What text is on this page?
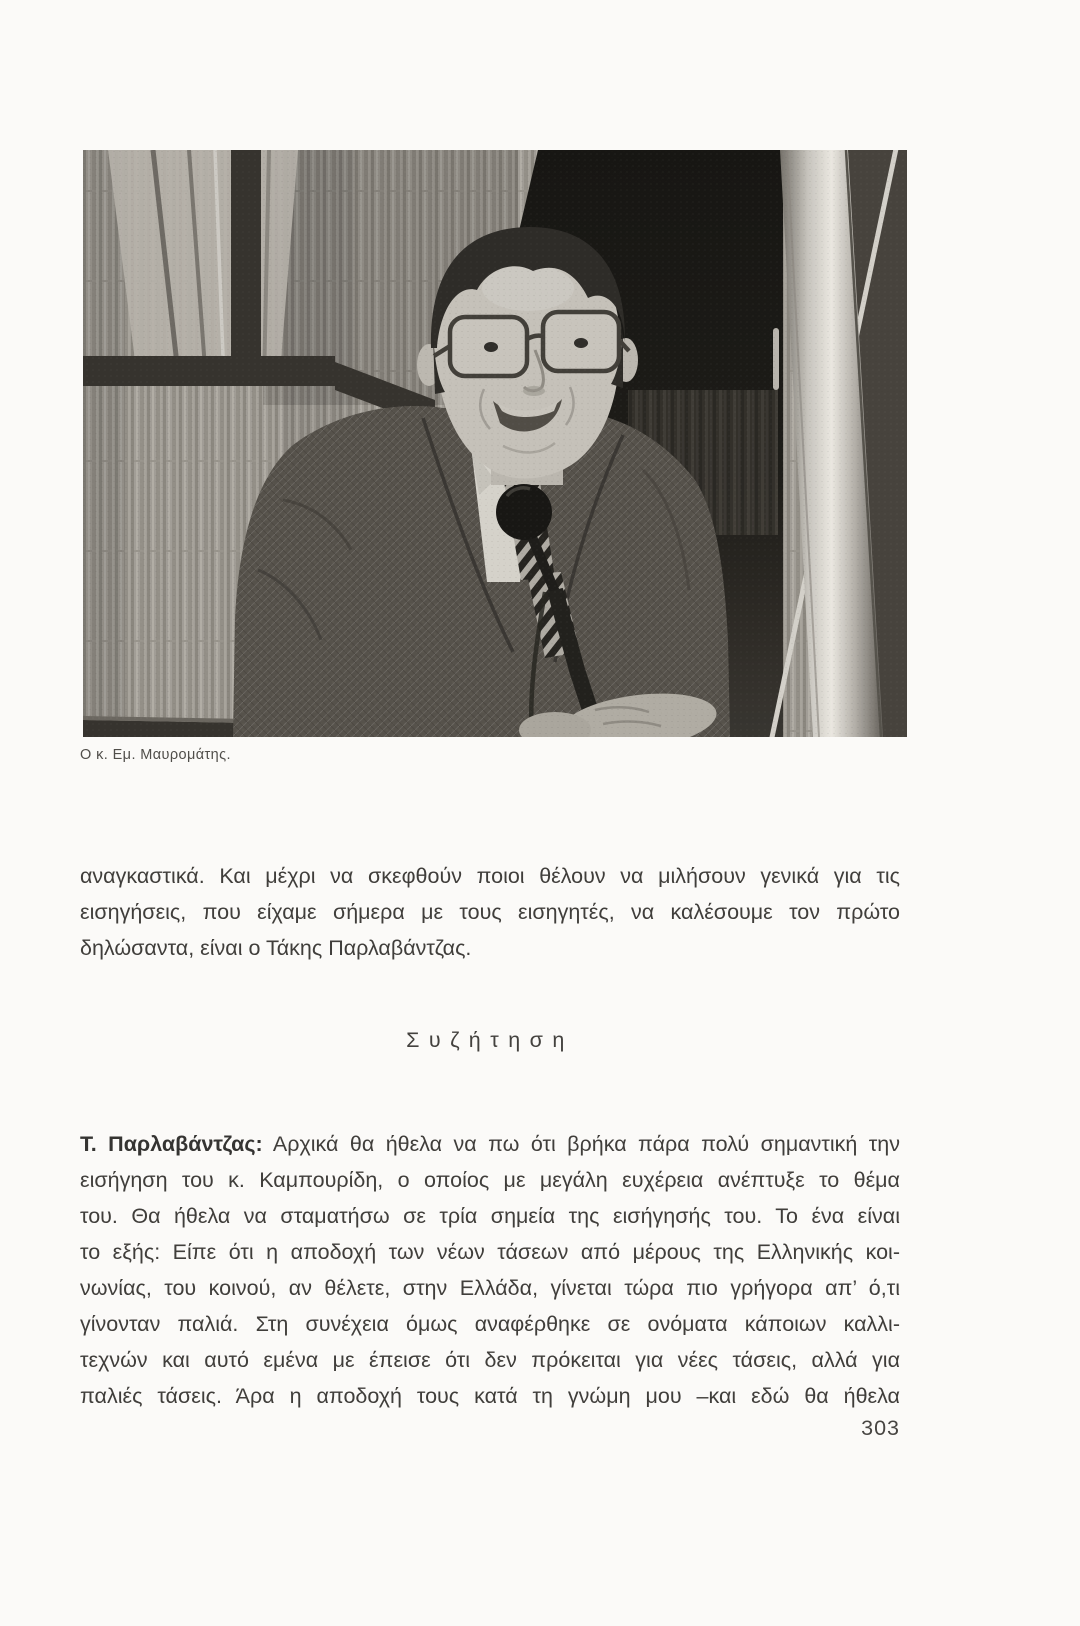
Ο κ. Εμ. Μαυρομάτης.
αναγκαστικά. Και μέχρι να σκεφθούν ποιοι θέλουν να μιλήσουν γενικά για τις
εισηγήσεις, που είχαμε σήμερα με τους εισηγητές, να καλέσουμε τον πρώτο
δηλώσαντα, είναι ο Τάκης Παρλαβάντζας.
Συζήτηση
Τ. Παρλαβάντζας: Αρχικά θα ήθελα να πω ότι βρήκα πάρα πολύ σημαντική την
εισήγηση του κ. Καμπουρίδη, ο οποίος με μεγάλη ευχέρεια ανέπτυξε το θέμα
του. Θα ήθελα να σταματήσω σε τρία σημεία της εισήγησής του. Το ένα είναι
το εξής: Είπε ότι η αποδοχή των νέων τάσεων από μέρους της Ελληνικής κοι-
νωνίας, του κοινού, αν θέλετε, στην Ελλάδα, γίνεται τώρα πιο γρήγορα απ’ ό,τι
γίνονταν παλιά. Στη συνέχεια όμως αναφέρθηκε σε ονόματα κάποιων καλλι-
τεχνών και αυτό εμένα με έπεισε ότι δεν πρόκειται για νέες τάσεις, αλλά για
παλιές τάσεις. Άρα η αποδοχή τους κατά τη γνώμη μου –και εδώ θα ήθελα
303
